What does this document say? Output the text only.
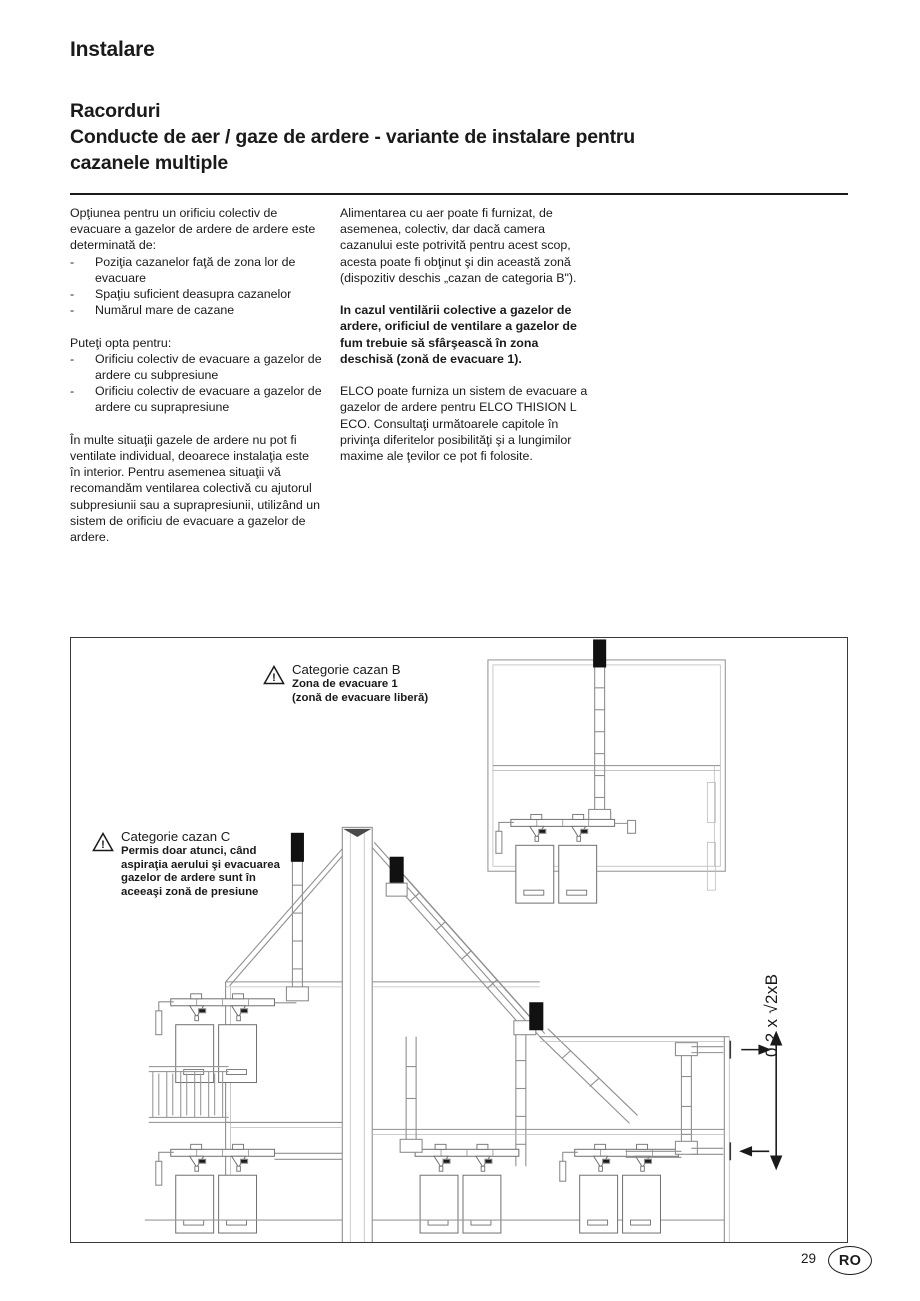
Instalare
Racorduri
Conducte de aer / gaze de ardere - variante de instalare pentru
cazanele multiple

Opţiunea pentru un orificiu colectiv de evacuare a gazelor de ardere de ardere este determinată de:

- Poziţia cazanelor faţă de zona lor de evacuare
- Spaţiu suficient deasupra cazanelor
- Numărul mare de cazane

Puteţi opta pentru:

- Orificiu colectiv de evacuare a gazelor de ardere cu subpresiune
- Orificiu colectiv de evacuare a gazelor de ardere cu suprapresiune

În multe situaţii gazele de ardere nu pot fi ventilate individual, deoarece instalaţia este în interior. Pentru asemenea situaţii vă recomandăm ventilarea colectivă cu ajutorul subpresiunii sau a suprapresiunii, utilizând un sistem de orificiu de evacuare a gazelor de ardere.

Alimentarea cu aer poate fi furnizat, de asemenea, colectiv, dar dacă camera cazanului este potrivită pentru acest scop, acesta poate fi obţinut şi din această zonă (dispozitiv deschis „cazan de categoria B").

In cazul ventilării colective a gazelor de ardere, orificiul de ventilare a gazelor de fum trebuie să sfârşească în zona deschisă (zonă de evacuare 1).

ELCO poate furniza un sistem de evacuare a gazelor de ardere pentru ELCO THISION L ECO. Consultaţi următoarele capitole în privinţa diferitelor posibilităţi şi a lungimilor maxime ale ţevilor ce pot fi folosite.

!
Categorie cazan B
Zona de evacuare 1
(zonă de evacuare liberă)
!
Categorie cazan C
Permis doar atunci, când
aspiraţia aerului şi evacuarea
gazelor de ardere sunt în
aceeaşi zonă de presiune
0,2 x √2xB
29	RO
